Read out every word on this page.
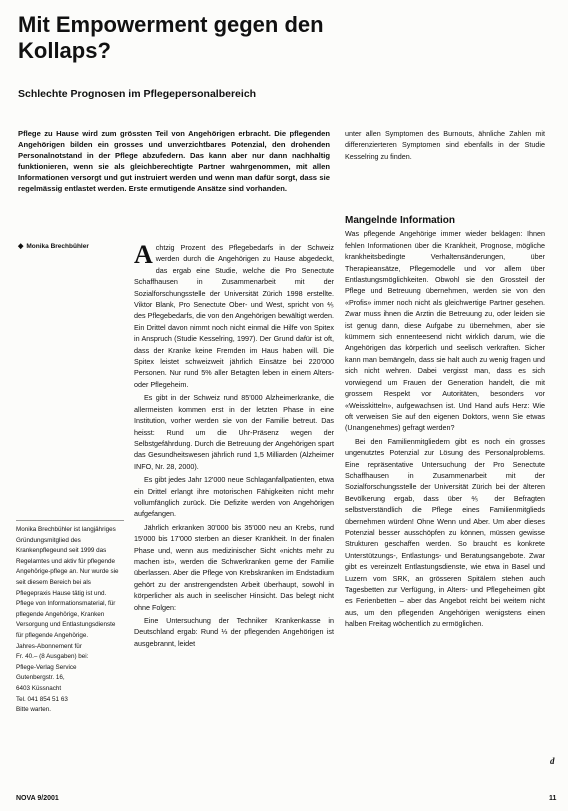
Mit Empowerment gegen den Kollaps?
Schlechte Prognosen im Pflegepersonalbereich
Pflege zu Hause wird zum grössten Teil von Angehörigen erbracht. Die pflegenden Angehörigen bilden ein grosses und unverzichtbares Potenzial, den drohenden Personalnotstand in der Pflege abzufedern. Das kann aber nur dann nachhaltig funktionieren, wenn sie als gleichberechtigte Partner wahrgenommen, mit allen Informationen versorgt und gut instruiert werden und wenn man dafür sorgt, dass sie regelmässig entlastet werden. Erste ermutigende Ansätze sind vorhanden.
◆ Monika Brechbühler Achtzig Prozent des Pflegebedarfs in der Schweiz werden durch die Angehörigen zu Hause abgedeckt, das ergab eine Studie, welche die Pro Senectute Schaffhausen in Zusammenarbeit mit der Sozialforschungsstelle der Universität Zürich 1998 erstellte. Viktor Blank, Pro Senectute Ober- und West, spricht von ⅘ des Pflegebedarfs, die von den Angehörigen bewältigt werden. Ein Drittel davon nimmt noch nicht einmal die Hilfe von Spitex in Anspruch (Studie Kesselring, 1997). Der Grund dafür ist oft, dass der Kranke keine Fremden im Haus haben will. Die Spitex leistet schweizweit jährlich Einsätze bei 220'000 Personen. Nur rund 5% aller Betagten leben in einem Alters- oder Pflegeheim.

Es gibt in der Schweiz rund 85'000 Alzheimerkranke, die allermeisten kommen erst in der letzten Phase in eine Institution, vorher werden sie von der Familie betreut. Das heisst: Rund um die Uhr-Präsenz wegen der Selbstgefährdung. Durch die Betreuung der Angehörigen spart das Gesundheitswesen jährlich rund 1,5 Milliarden (Alzheimer INFO, Nr. 28, 2000).

Es gibt jedes Jahr 12'000 neue Schlaganfallpatienten, etwa ein Drittel erlangt ihre motorischen Fähigkeiten nicht mehr vollumfänglich zurück. Die Defizite werden von Angehörigen aufgefangen.

Jährlich erkranken 30'000 bis 35'000 neu an Krebs, rund 15'000 bis 17'000 sterben an dieser Krankheit. In der finalen Phase und, wenn aus medizinischer Sicht «nichts mehr zu machen ist», werden die Schwerkranken gerne der Familie überlassen. Aber die Pflege von Krebskranken im Endstadium gehört zu der anstrengendsten Arbeit überhaupt, sowohl in körperlicher als auch in seelischer Hinsicht. Das belegt nicht ohne Folgen:

Eine Untersuchung der Techniker Krankenkasse in Deutschland ergab: Rund ⅓ der pflegenden Angehörigen ist ausgebrannt, leidet

unter allen Symptomen des Burnouts, ähnliche Zahlen mit differenzierteren Symptomen sind ebenfalls in der Studie Kesselring zu finden.

Mangelnde Information

Was pflegende Angehörige immer wieder beklagen: Ihnen fehlen Informationen über die Krankheit, Prognose, mögliche krankheitsbedingte Verhaltensänderungen, über Therapieansätze, Pflegemodelle und vor allem über Entlastungsmöglichkeiten. Obwohl sie den Grossteil der Pflege und Betreuung übernehmen, werden sie von den «Profis» immer noch nicht als gleichwertige Partner gesehen. Zwar muss ihnen die Arztin die Betreuung zu, oder leiden sie ist genug dann, diese Aufgabe zu übernehmen, aber sie kümmern sich ennenteesend nicht wirklich darum, wie die Angehörigen das körperlich und seelisch verkraften. Sicher kann man bemängeln, dass sie halt auch zu wenig fragen und sich nicht wehren. Dabei vergisst man, dass es sich vorwiegend um Frauen der Generation handelt, die mit grossem Respekt vor Autoritäten, besonders vor «Weisskitteln», aufgewachsen ist. Und Hand aufs Herz: Wie oft verweisen Sie auf den eigenen Doktors, wenn Sie etwas (Unangenehmes) gefragt werden?

Bei den Familienmitgliedern gibt es noch ein grosses ungenutztes Potenzial zur Lösung des Personalproblems. Eine repräsentative Untersuchung der Pro Senectute Schaffhausen in Zusammenarbeit mit der Sozialforschungsstelle der Universität Zürich bei der älteren Bevölkerung ergab, dass über ⅘ der Befragten selbstverständlich die Pflege eines Familienmitglieds übernehmen würden! Ohne Wenn und Aber. Um aber dieses Potenzial besser ausschöpfen zu können, müssen gewisse Strukturen geschaffen werden. So braucht es konkrete Unterstützungs-, Entlastungs- und Beratungsangebote. Zwar gibt es vereinzelt Entlastungsdienste, wie etwa in Basel und Luzern vom SRK, an grösseren Spitälern stehen auch Tagesbetten zur Verfügung, in Alters- und Pflegeheimen gibt es Ferienbetten – aber das Angebot reicht bei weitem nicht aus, um den pflegenden Angehörigen wenigstens einen halben Freitag wöchentlich zu ermöglichen.

Monika Brechbühler ist langjähriges Gründungsmitglied des Krankenpflegeund seit 1999 das Regelamtes und aktiv für pflegende Angehörige-pflege an. Nur wurde sie seit diesem Bereich bei als Pflegepraxis Hause tätig ist und. Pflege von Informationsmaterial, für pflegende Angehörige, Kranken Versorgung und Entlastungsdienste für pflegende Angehörige.

Jahres-Abonnement für

Fr. 40.– (8 Ausgaben) bei:

Pflege-Verlag Service

Gutenbergstr. 16,

6403 Küssnacht

Tel. 041 854 51 63

Bitte warten.

d
NOVA 9/2001	11
